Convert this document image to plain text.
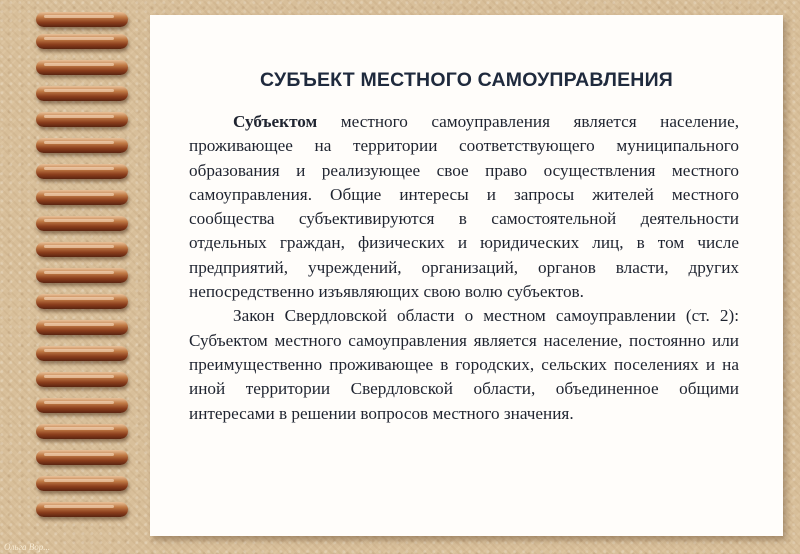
СУБЪЕКТ МЕСТНОГО САМОУПРАВЛЕНИЯ

Субъектом местного самоуправления является население, проживающее на территории соответствующего муниципального образования и реализующее свое право осуществления местного самоуправления. Общие интересы и запросы жителей местного сообщества субъективируются в самостоятельной деятельности отдельных граждан, физических и юридических лиц, в том числе предприятий, учреждений, организаций, органов власти, других непосредственно изъявляющих свою волю субъектов.

Закон Свердловской области о местном самоуправлении (ст. 2): Субъектом местного самоуправления является население, постоянно или преимущественно проживающее в городских, сельских поселениях и на иной территории Свердловской области, объединенное общими интересами в решении вопросов местного значения.

Ольга Вор...
